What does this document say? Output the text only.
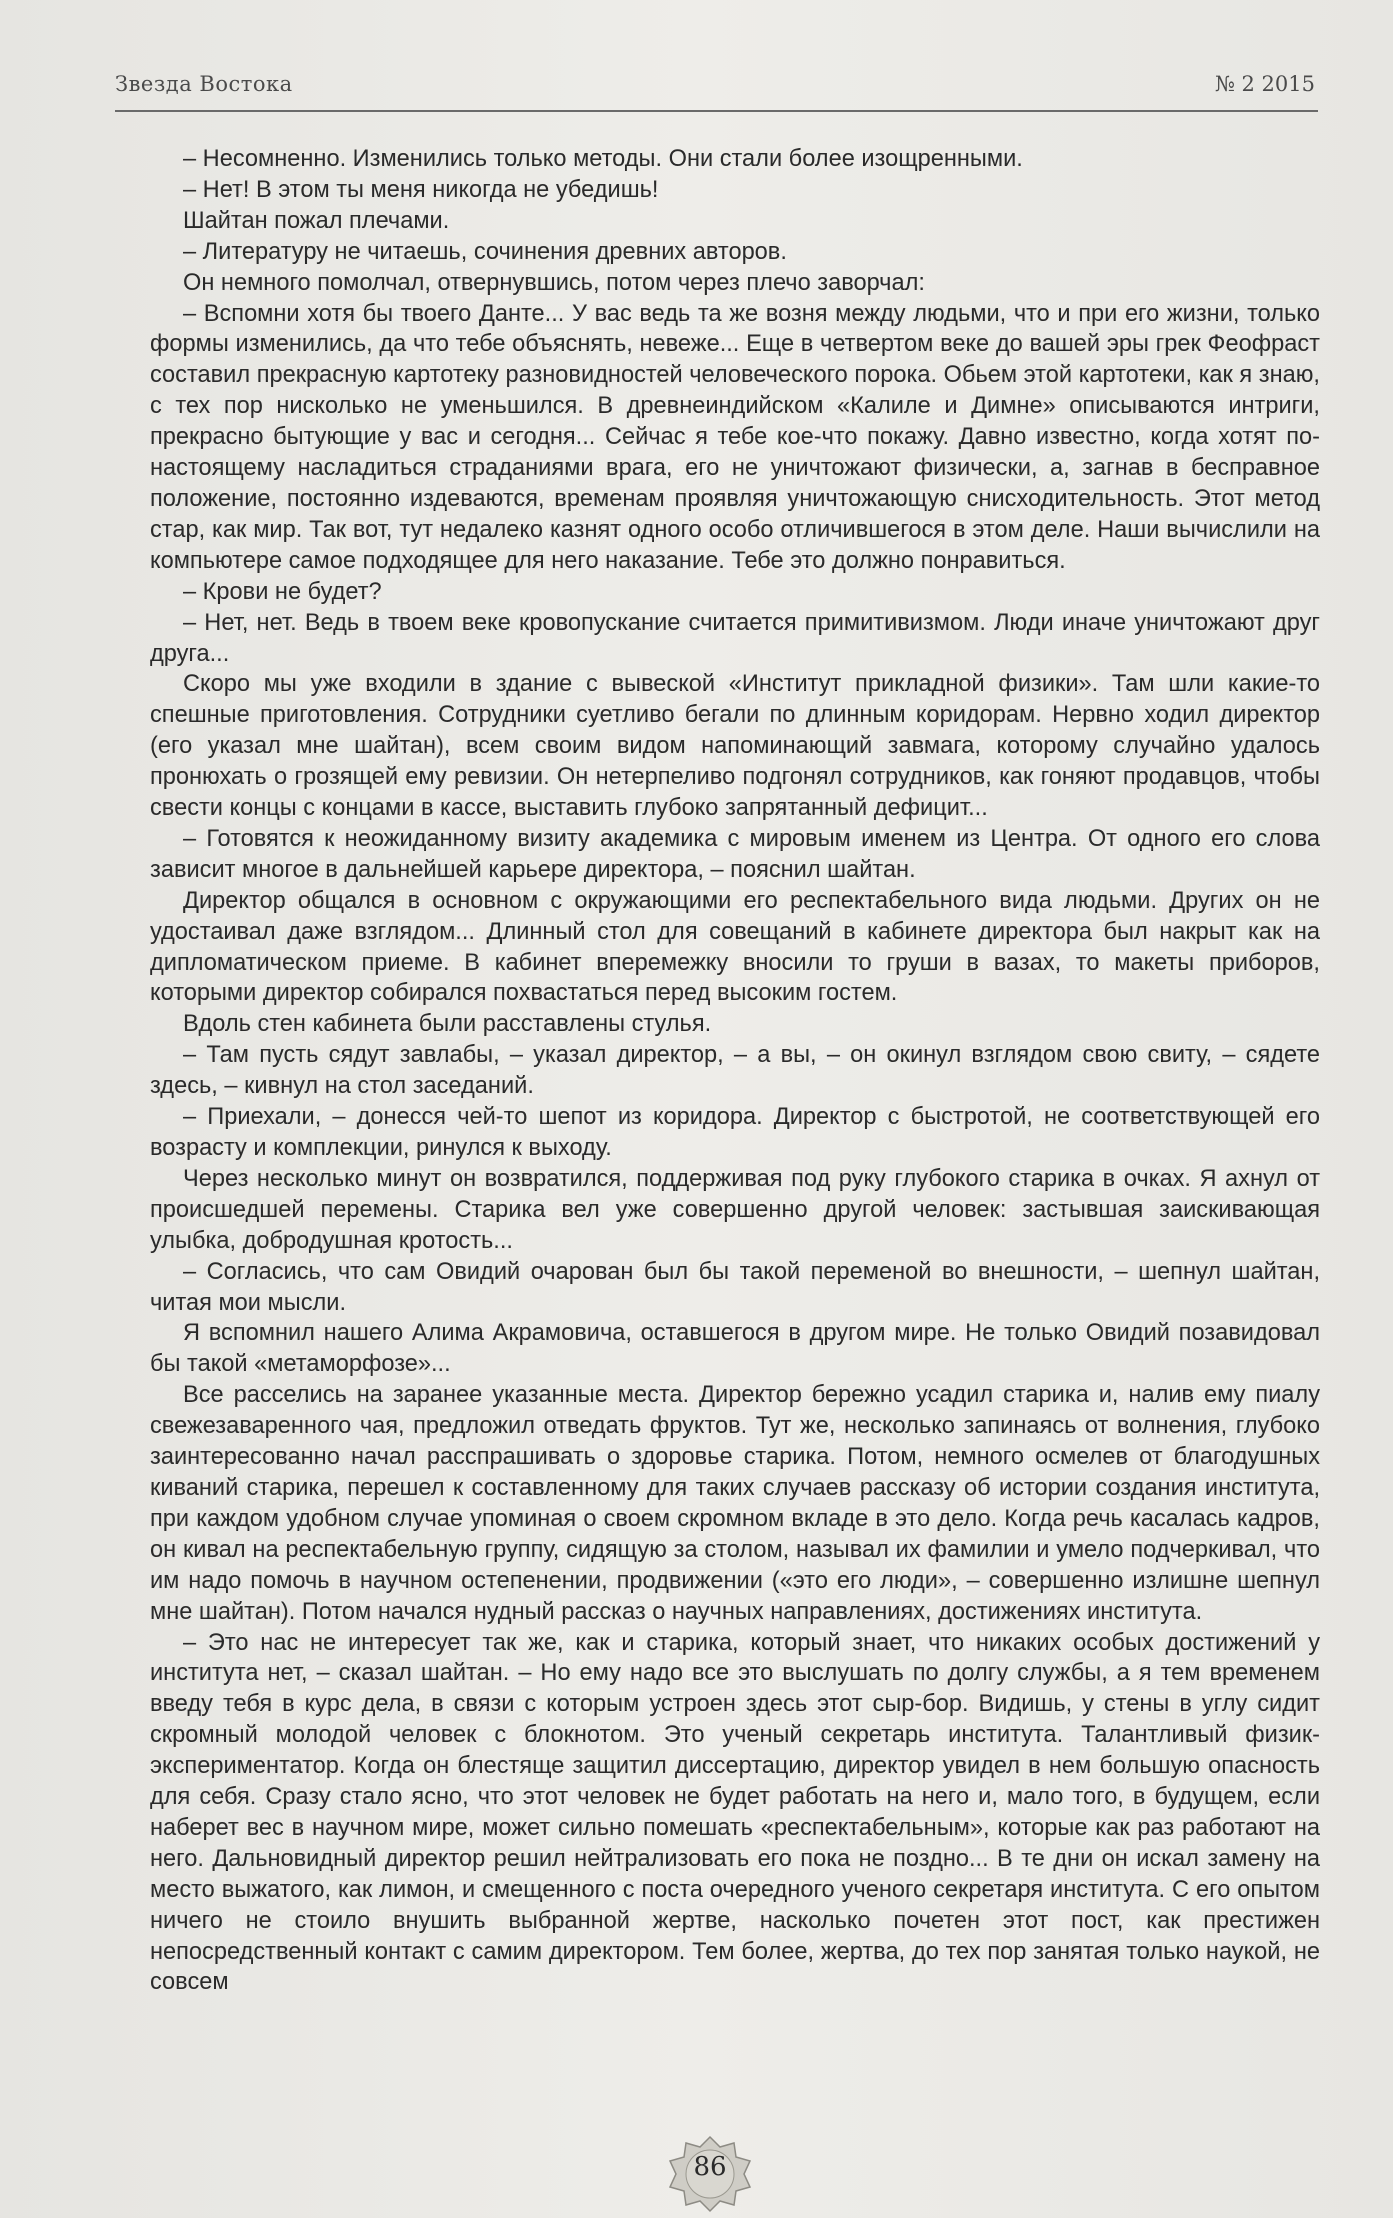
Звезда Востока	№ 2 2015

– Несомненно. Изменились только методы. Они стали более изощренными.

– Нет! В этом ты меня никогда не убедишь!

Шайтан пожал плечами.

– Литературу не читаешь, сочинения древних авторов.

Он немного помолчал, отвернувшись, потом через плечо заворчал:

– Вспомни хотя бы твоего Данте... У вас ведь та же возня между людьми, что и при его жизни, только формы изменились, да что тебе объяснять, невеже... Еще в четвертом веке до вашей эры грек Феофраст составил прекрасную картотеку разновидностей человеческого порока. Обьем этой картотеки, как я знаю, с тех пор нисколько не уменьшился. В древнеиндийском «Калиле и Димне» описываются интриги, прекрасно бытующие у вас и сегодня... Сейчас я тебе кое-что покажу. Давно известно, когда хотят по-настоящему насладиться страданиями врага, его не уничтожают физически, а, загнав в бесправное положение, постоянно издеваются, временам проявляя уничтожающую снисходительность. Этот метод стар, как мир. Так вот, тут недалеко казнят одного особо отличившегося в этом деле. Наши вычислили на компьютере самое подходящее для него наказание. Тебе это должно понравиться.

– Крови не будет?

– Нет, нет. Ведь в твоем веке кровопускание считается примитивизмом. Люди иначе уничтожают друг друга...

Скоро мы уже входили в здание с вывеской «Институт прикладной физики». Там шли какие-то спешные приготовления. Сотрудники суетливо бегали по длинным коридорам. Нервно ходил директор (его указал мне шайтан), всем своим видом напоминающий завмага, которому случайно удалось пронюхать о грозящей ему ревизии. Он нетерпеливо подгонял сотрудников, как гоняют продавцов, чтобы свести концы с концами в кассе, выставить глубоко запрятанный дефицит...

– Готовятся к неожиданному визиту академика с мировым именем из Центра. От одного его слова зависит многое в дальнейшей карьере директора, – пояснил шайтан.

Директор общался в основном с окружающими его респектабельного вида людьми. Других он не удостаивал даже взглядом... Длинный стол для совещаний в кабинете директора был накрыт как на дипломатическом приеме. В кабинет вперемежку вносили то груши в вазах, то макеты приборов, которыми директор собирался похвастаться перед высоким гостем.

Вдоль стен кабинета были расставлены стулья.

– Там пусть сядут завлабы, – указал директор, – а вы, – он окинул взглядом свою свиту, – сядете здесь, – кивнул на стол заседаний.

– Приехали, – донесся чей-то шепот из коридора. Директор с быстротой, не соответствующей его возрасту и комплекции, ринулся к выходу.

Через несколько минут он возвратился, поддерживая под руку глубокого старика в очках. Я ахнул от происшедшей перемены. Старика вел уже совершенно другой человек: застывшая заискивающая улыбка, добродушная кротость...

– Согласись, что сам Овидий очарован был бы такой переменой во внешности, – шепнул шайтан, читая мои мысли.

Я вспомнил нашего Алима Акрамовича, оставшегося в другом мире. Не только Овидий позавидовал бы такой «метаморфозе»...

Все расселись на заранее указанные места. Директор бережно усадил старика и, налив ему пиалу свежезаваренного чая, предложил отведать фруктов. Тут же, несколько запинаясь от волнения, глубоко заинтересованно начал расспрашивать о здоровье старика. Потом, немного осмелев от благодушных киваний старика, перешел к составленному для таких случаев рассказу об истории создания института, при каждом удобном случае упоминая о своем скромном вкладе в это дело. Когда речь касалась кадров, он кивал на респектабельную группу, сидящую за столом, называл их фамилии и умело подчеркивал, что им надо помочь в научном остепенении, продвижении («это его люди», – совершенно излишне шепнул мне шайтан). Потом начался нудный рассказ о научных направлениях, достижениях института.

– Это нас не интересует так же, как и старика, который знает, что никаких особых достижений у института нет, – сказал шайтан. – Но ему надо все это выслушать по долгу службы, а я тем временем введу тебя в курс дела, в связи с которым устроен здесь этот сыр-бор. Видишь, у стены в углу сидит скромный молодой человек с блокнотом. Это ученый секретарь института. Талантливый физик-экспериментатор. Когда он блестяще защитил диссертацию, директор увидел в нем большую опасность для себя. Сразу стало ясно, что этот человек не будет работать на него и, мало того, в будущем, если наберет вес в научном мире, может сильно помешать «респектабельным», которые как раз работают на него. Дальновидный директор решил нейтрализовать его пока не поздно... В те дни он искал замену на место выжатого, как лимон, и смещенного с поста очередного ученого секретаря института. С его опытом ничего не стоило внушить выбранной жертве, насколько почетен этот пост, как престижен непосредственный контакт с самим директором. Тем более, жертва, до тех пор занятая только наукой, не совсем

86
